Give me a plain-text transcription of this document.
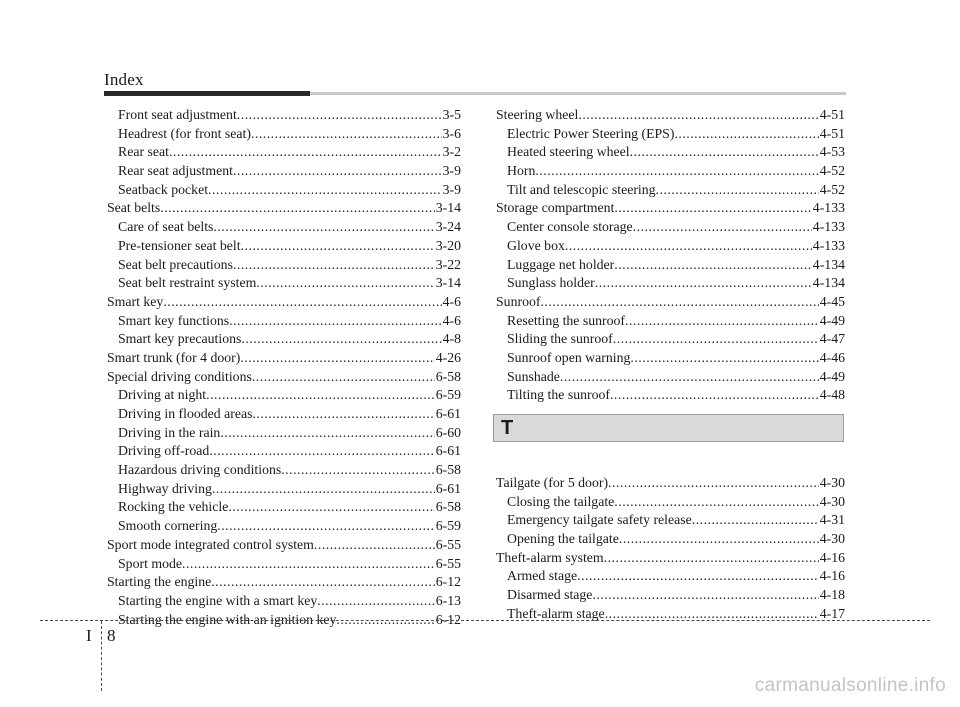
Index
Front seat adjustment .....	3-5
Headrest (for front seat) .....	3-6
Rear seat .....	3-2
Rear seat adjustment .....	3-9
Seatback pocket .....	3-9
Seat belts .....	3-14
Care of seat belts .....	3-24
Pre-tensioner seat belt .....	3-20
Seat belt precautions .....	3-22
Seat belt restraint system .....	3-14
Smart key .....	4-6
Smart key functions .....	4-6
Smart key precautions .....	4-8
Smart trunk (for 4 door) .....	4-26
Special driving conditions .....	6-58
Driving at night .....	6-59
Driving in flooded areas .....	6-61
Driving in the rain .....	6-60
Driving off-road .....	6-61
Hazardous driving conditions .....	6-58
Highway driving .....	6-61
Rocking the vehicle .....	6-58
Smooth cornering .....	6-59
Sport mode integrated control system .....	6-55
Sport mode .....	6-55
Starting the engine .....	6-12
Starting the engine with a smart key .....	6-13
Starting the engine with an ignition key .....	6-12
Steering wheel .....	4-51
Electric Power Steering (EPS) .....	4-51
Heated steering wheel .....	4-53
Horn .....	4-52
Tilt and telescopic steering .....	4-52
Storage compartment .....	4-133
Center console storage .....	4-133
Glove box .....	4-133
Luggage net holder .....	4-134
Sunglass holder .....	4-134
Sunroof .....	4-45
Resetting the sunroof .....	4-49
Sliding the sunroof .....	4-47
Sunroof open warning .....	4-46
Sunshade .....	4-49
Tilting the sunroof .....	4-48
T
Tailgate (for 5 door) .....	4-30
Closing the tailgate .....	4-30
Emergency tailgate safety release .....	4-31
Opening the tailgate .....	4-30
Theft-alarm system .....	4-16
Armed stage .....	4-16
Disarmed stage .....	4-18
Theft-alarm stage .....	4-17
I 8
carmanualsonline.info
